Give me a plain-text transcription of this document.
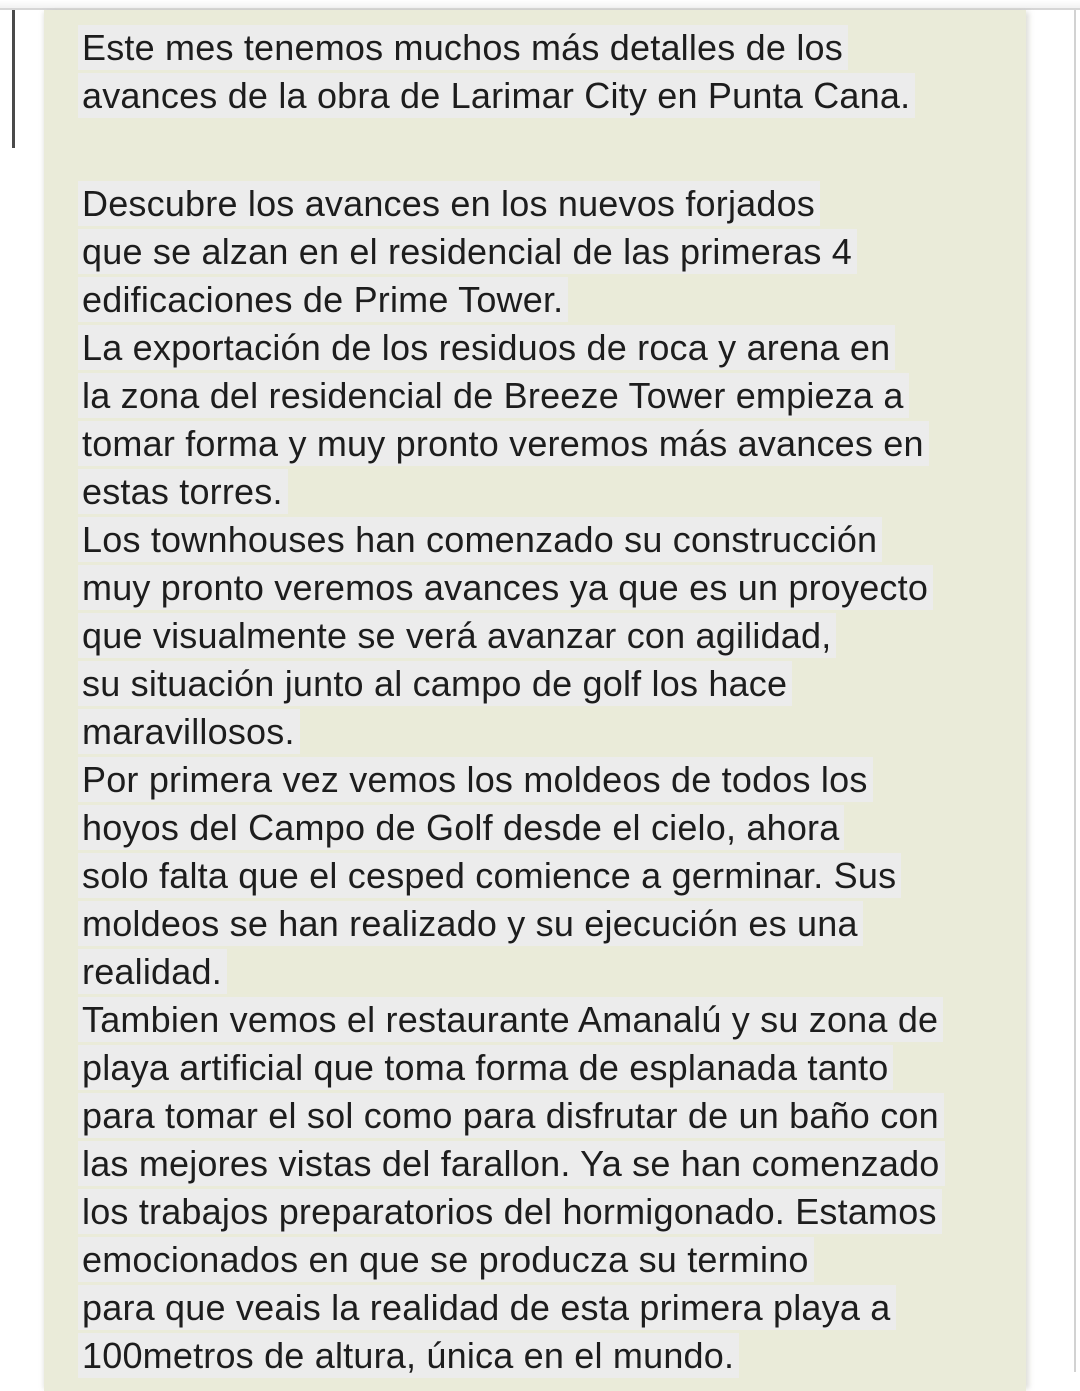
Este mes tenemos muchos más detalles de los
avances de la obra de Larimar City en Punta Cana.
Descubre los avances en los nuevos forjados
que se alzan en el residencial de las primeras 4
edificaciones de Prime Tower.
La exportación de los residuos de roca y arena en
la zona del residencial de Breeze Tower empieza a
tomar forma y muy pronto veremos más avances en
estas torres.
Los townhouses han comenzado su construcción
muy pronto veremos avances ya que es un proyecto
que visualmente se verá avanzar con agilidad,
su situación junto al campo de golf los hace
maravillosos.
Por primera vez vemos los moldeos de todos los
hoyos del Campo de Golf desde el cielo, ahora
solo falta que el cesped comience a germinar. Sus
moldeos se han realizado y su ejecución es una
realidad.
Tambien vemos el restaurante Amanalú y su zona de
playa artificial que toma forma de esplanada tanto
para tomar el sol como para disfrutar de un baño con
las mejores vistas del farallon. Ya se han comenzado
los trabajos preparatorios del hormigonado. Estamos
emocionados en que se producza su termino
para que veais la realidad de esta primera playa a
100metros de altura, única en el mundo.
